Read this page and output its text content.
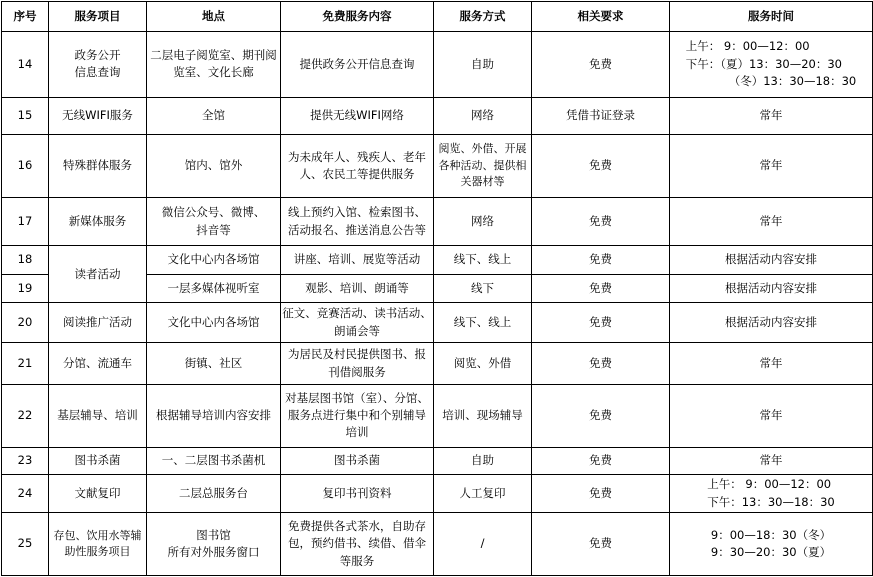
序号	服务项目	地点	免费服务内容	服务方式	相关要求	服务时间
14	政务公开
信息查询	二层电子阅览室、期刊阅
览室、文化长廊	提供政务公开信息查询	自助	免费	上午： 9：00—12：00
下午：（夏）13：30—20：30
（冬）13：30—18：30

15	无线WIFI服务	全馆	提供无线WIFI网络	网络	凭借书证登录	常年

16	特殊群体服务	馆内、馆外	为未成年人、残疾人、老年
人、农民工等提供服务	阅览、外借、开展
各种活动、提供相
关器材等	免费	常年

17	新媒体服务	微信公众号、微博、
抖音等	线上预约入馆、检索图书、
活动报名、推送消息公告等	网络	免费	常年

18	读者活动	文化中心内各场馆	讲座、培训、展览等活动	线下、线上	免费	根据活动内容安排

19		一层多媒体视听室	观影、培训、朗诵等	线下	免费	根据活动内容安排

20	阅读推广活动	文化中心内各场馆	征文、竞赛活动、读书活动、
朗诵会等	线下、线上	免费	根据活动内容安排

21	分馆、流通车	街镇、社区	为居民及村民提供图书、报
刊借阅服务	阅览、外借	免费	常年

22	基层辅导、培训	根据辅导培训内容安排	对基层图书馆（室）、分馆、
服务点进行集中和个别辅导
培训	培训、现场辅导	免费	常年

23	图书杀菌	一、二层图书杀菌机	图书杀菌	自助	免费	常年

24	文献复印	二层总服务台	复印书刊资料	人工复印	免费	上午： 9：00—12：00
下午：13：30—18：30

25	存包、饮用水等辅
助性服务项目	图书馆
所有对外服务窗口	免费提供各式茶水，自助存
包，预约借书、续借、借伞
等服务	/	免费	9：00—18：30（冬）
9：30—20：30（夏）
